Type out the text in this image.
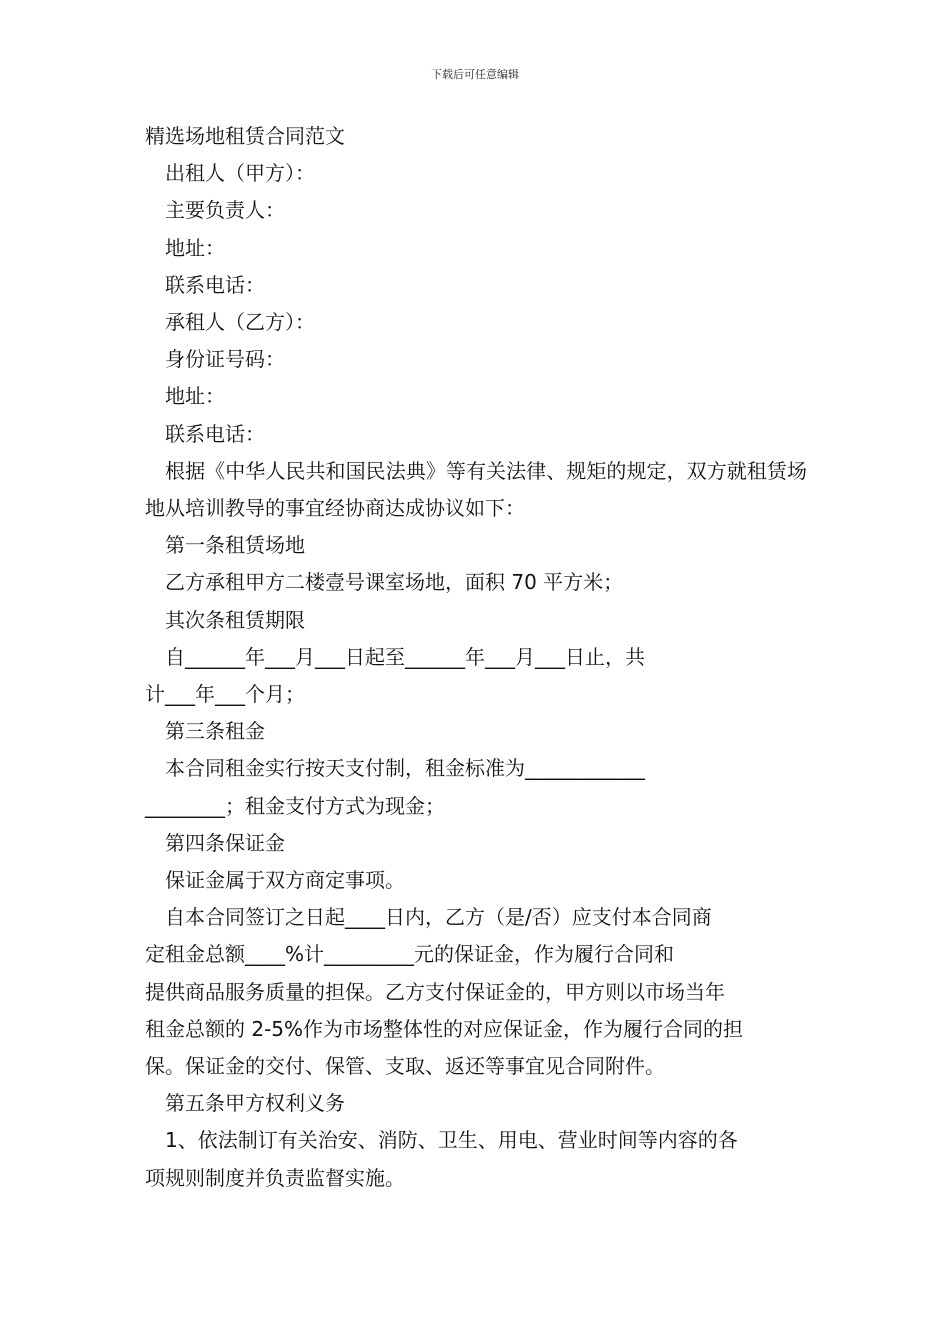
下载后可任意编辑

精选场地租赁合同范文

出租人（甲方）：

主要负责人：

地址：

联系电话：

承租人（乙方）：

身份证号码：

地址：

联系电话：

根据《中华人民共和国民法典》等有关法律、规矩的规定，双方就租赁场地从培训教导的事宜经协商达成协议如下：

第一条租赁场地

乙方承租甲方二楼壹号课室场地，面积 70 平方米；

其次条租赁期限

自______年___月___日起至______年___月___日止，共

计___年___个月；

第三条租金

本合同租金实行按天支付制，租金标准为____________

________；租金支付方式为现金；

第四条保证金

保证金属于双方商定事项。

自本合同签订之日起____日内，乙方（是/否）应支付本合同商

定租金总额____%计_________元的保证金，作为履行合同和

提供商品服务质量的担保。乙方支付保证金的，甲方则以市场当年

租金总额的 2-5%作为市场整体性的对应保证金，作为履行合同的担

保。保证金的交付、保管、支取、返还等事宜见合同附件。

第五条甲方权利义务

1、依法制订有关治安、消防、卫生、用电、营业时间等内容的各

项规则制度并负责监督实施。
